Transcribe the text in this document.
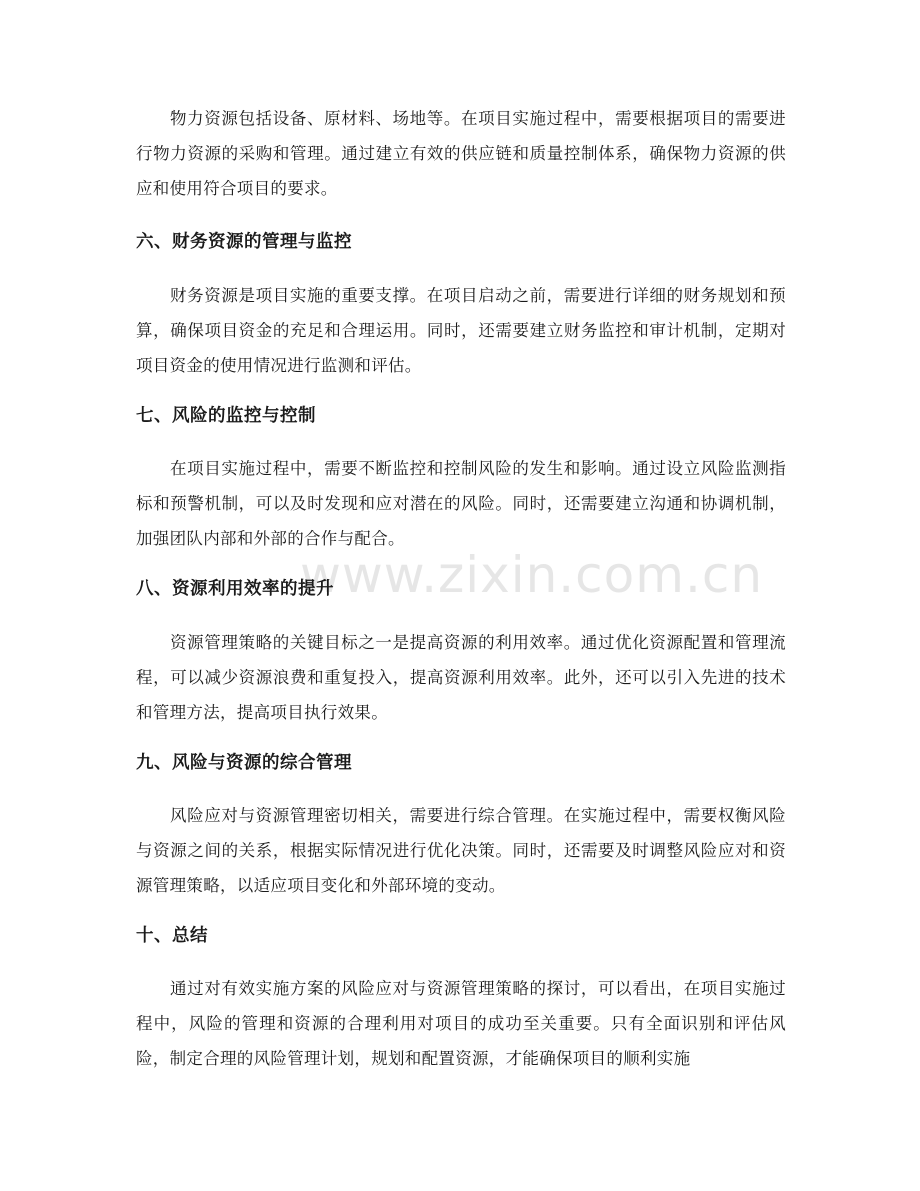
www.zixin.com.cn

物力资源包括设备、原材料、场地等。在项目实施过程中，需要根据项目的需要进行物力资源的采购和管理。通过建立有效的供应链和质量控制体系，确保物力资源的供应和使用符合项目的要求。

六、财务资源的管理与监控

财务资源是项目实施的重要支撑。在项目启动之前，需要进行详细的财务规划和预算，确保项目资金的充足和合理运用。同时，还需要建立财务监控和审计机制，定期对项目资金的使用情况进行监测和评估。

七、风险的监控与控制

在项目实施过程中，需要不断监控和控制风险的发生和影响。通过设立风险监测指标和预警机制，可以及时发现和应对潜在的风险。同时，还需要建立沟通和协调机制，加强团队内部和外部的合作与配合。

八、资源利用效率的提升

资源管理策略的关键目标之一是提高资源的利用效率。通过优化资源配置和管理流程，可以减少资源浪费和重复投入，提高资源利用效率。此外，还可以引入先进的技术和管理方法，提高项目执行效果。

九、风险与资源的综合管理

风险应对与资源管理密切相关，需要进行综合管理。在实施过程中，需要权衡风险与资源之间的关系，根据实际情况进行优化决策。同时，还需要及时调整风险应对和资源管理策略，以适应项目变化和外部环境的变动。

十、总结

通过对有效实施方案的风险应对与资源管理策略的探讨，可以看出，在项目实施过程中，风险的管理和资源的合理利用对项目的成功至关重要。只有全面识别和评估风险，制定合理的风险管理计划，规划和配置资源，才能确保项目的顺利实施
